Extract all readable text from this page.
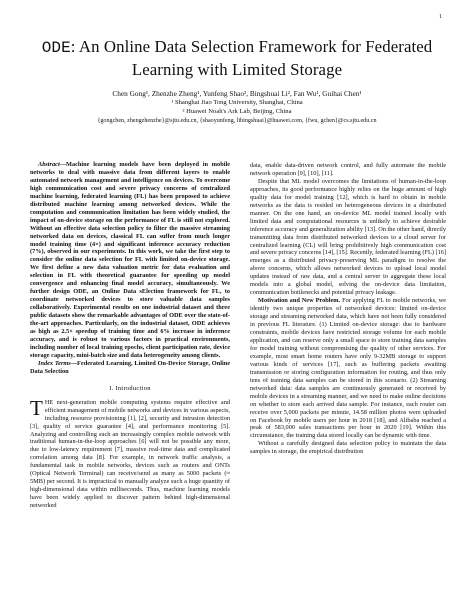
1
ODE: An Online Data Selection Framework for Federated Learning with Limited Storage
Chen Gong¹, Zhenzhe Zheng¹, Yunfeng Shao², Bingshuai Li², Fan Wu¹, Guihai Chen¹
¹ Shanghai Jiao Tong University, Shanghai, China
² Huawei Noah's Ark Lab, Beijing, China
{gongchen, zhengzhenzhe}@sjtu.edu.cn, {shaoyunfeng, libingshuai}@huawei.com, {fwu, gchen}@cs.sjtu.edu.cn

Abstract—Machine learning models have been deployed in mobile networks to deal with massive data from different layers to enable automated network management and intelligence on devices. To overcome high communication cost and severe privacy concerns of centralized machine learning, federated learning (FL) has been proposed to achieve distributed machine learning among networked devices. While the computation and communication limitation has been widely studied, the impact of on-device storage on the performance of FL is still not explored. Without an effective data selection policy to filter the massive streaming networked data on devices, classical FL can suffer from much longer model training time (4×) and significant inference accuracy reduction (7%), observed in our experiments. In this work, we take the first step to consider the online data selection for FL with limited on-device storage. We first define a new data valuation metric for data evaluation and selection in FL with theoretical guarantee for speeding up model convergence and enhancing final model accuracy, simultaneously. We further design ODE, an Online Data sElection framework for FL, to coordinate networked devices to store valuable data samples collaboratively. Experimental results on one industrial dataset and three public datasets show the remarkable advantages of ODE over the state-of-the-art approaches. Particularly, on the industrial dataset, ODE achieves as high as 2.5× speedup of training time and 6% increase in inference accuracy, and is robust to various factors in practical environments, including number of local training epochs, client participation rate, device storage capacity, mini-batch size and data heterogeneity among clients.

Index Terms—Federated Learning, Limited On-Device Storage, Online Data Selection

I. Introduction

THE next-generation mobile computing systems require effective and efficient management of mobile networks and devices in various aspects, including resource provisioning [1], [2], security and intrusion detection [3], quality of service guarantee [4], and performance monitoring [5]. Analyzing and controlling such an increasingly complex mobile network with traditional human-in-the-loop approaches [6] will not be possible any more, due to low-latency requirement [7], massive real-time data and complicated correlation among data [8]. For example, in network traffic analysis, a fundamental task in mobile networks, devices such as routers and ONTs (Optical Network Terminal) can receive/send as many as 5000 packets (≈ 5MB) per second. It is impractical to manually analyze such a huge quantity of high-dimensional data within milliseconds. Thus, machine learning models have been widely applied to discover pattern behind high-dimensional networked

data, enable data-driven network control, and fully automate the mobile network operation [9], [10], [11].

Despite that ML model overcomes the limitations of human-in-the-loop approaches, its good performance highly relies on the huge amount of high quality data for model training [12], which is hard to obtain in mobile networks as the data is resided on heterogeneous devices in a distributed manner. On the one hand, an on-device ML model trained locally with limited data and computational resources is unlikely to achieve desirable inference accuracy and generalization ability [13]. On the other hand, directly transmitting data from distributed networked devices to a cloud server for centralized learning (CL) will bring prohibitively high communication cost and severe privacy concerns [14], [15]. Recently, federated learning (FL) [16] emerges as a distributed privacy-preserving ML paradigm to resolve the above concerns, which allows networked devices to upload local model updates instead of raw data, and a central server to aggregate these local models into a global model, solving the on-device data limitation, communication bottlenecks and potential privacy leakage.

Motivation and New Problem. For applying FL to mobile networks, we identify two unique properties of networked devices: limited on-device storage and streaming networked data, which have not been fully considered in previous FL literature. (1) Limited on-device storage: due to hardware constraints, mobile devices have restricted storage volume for each mobile application, and can reserve only a small space to store training data samples for model training without compromising the quality of other services. For example, most smart home routers have only 9-32MB storage to support various kinds of services [17], such as buffering packets awaiting transmission or storing configuration information for routing, and thus only tens of training data samples can be stored in this scenario. (2) Streaming networked data: data samples are continuously generated or received by mobile devices in a streaming manner, and we need to make online decisions on whether to store each arrived data sample. For instance, each router can receive over 5,000 packets per minute, 14.58 million photos were uploaded on Facebook by mobile users per hour in 2018 [18], and Alibaba reached a peak of 583,000 sales transactions per hour in 2020 [19]. Within this circumstance, the training data stored locally can be dynamic with time.

Without a carefully designed data selection policy to maintain the data samples in storage, the empirical distribution
